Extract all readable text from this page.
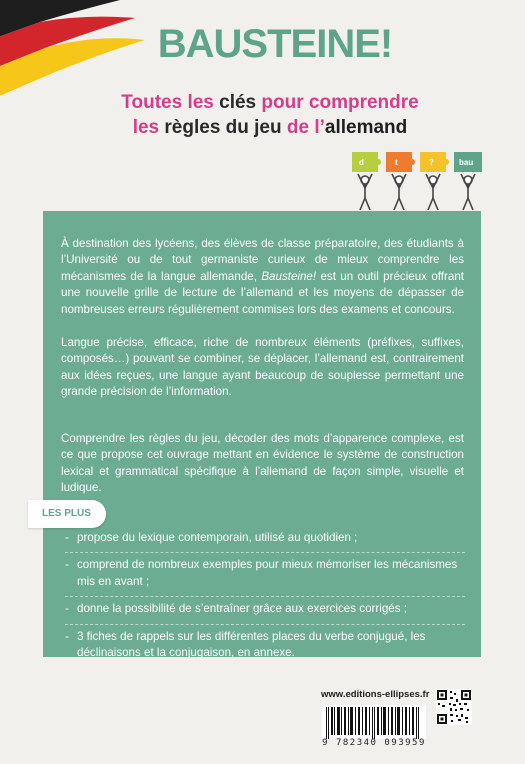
BAUSTEINE!
Toutes les clés pour comprendre
les règles du jeu de l’allemand
d	t	?	bau

À destination des lycéens, des élèves de classe préparatoire, des étudiants à l’Université ou de tout germaniste curieux de mieux comprendre les mécanismes de la langue allemande, Bausteine! est un outil précieux offrant une nouvelle grille de lecture de l’allemand et les moyens de dépasser de nombreuses erreurs régulièrement commises lors des examens et concours.

Langue précise, efficace, riche de nombreux éléments (préfixes, suffixes, composés…) pouvant se combiner, se déplacer, l’allemand est, contrairement aux idées reçues, une langue ayant beaucoup de souplesse permettant une grande précision de l’information.

Comprendre les règles du jeu, décoder des mots d’apparence complexe, est ce que propose cet ouvrage mettant en évidence le système de construction lexical et grammatical spécifique à l’allemand de façon simple, visuelle et ludique.

- propose du lexique contemporain, utilisé au quotidien ;
- comprend de nombreux exemples pour mieux mémoriser les mécanismes mis en avant ;
- donne la possibilité de s’entraîner grâce aux exercices corrigés ;
- 3 fiches de rappels sur les différentes places du verbe conjugué, les déclinaisons et la conjugaison, en annexe.
LES PLUS
www.editions-ellipses.fr
9 782340 093959
